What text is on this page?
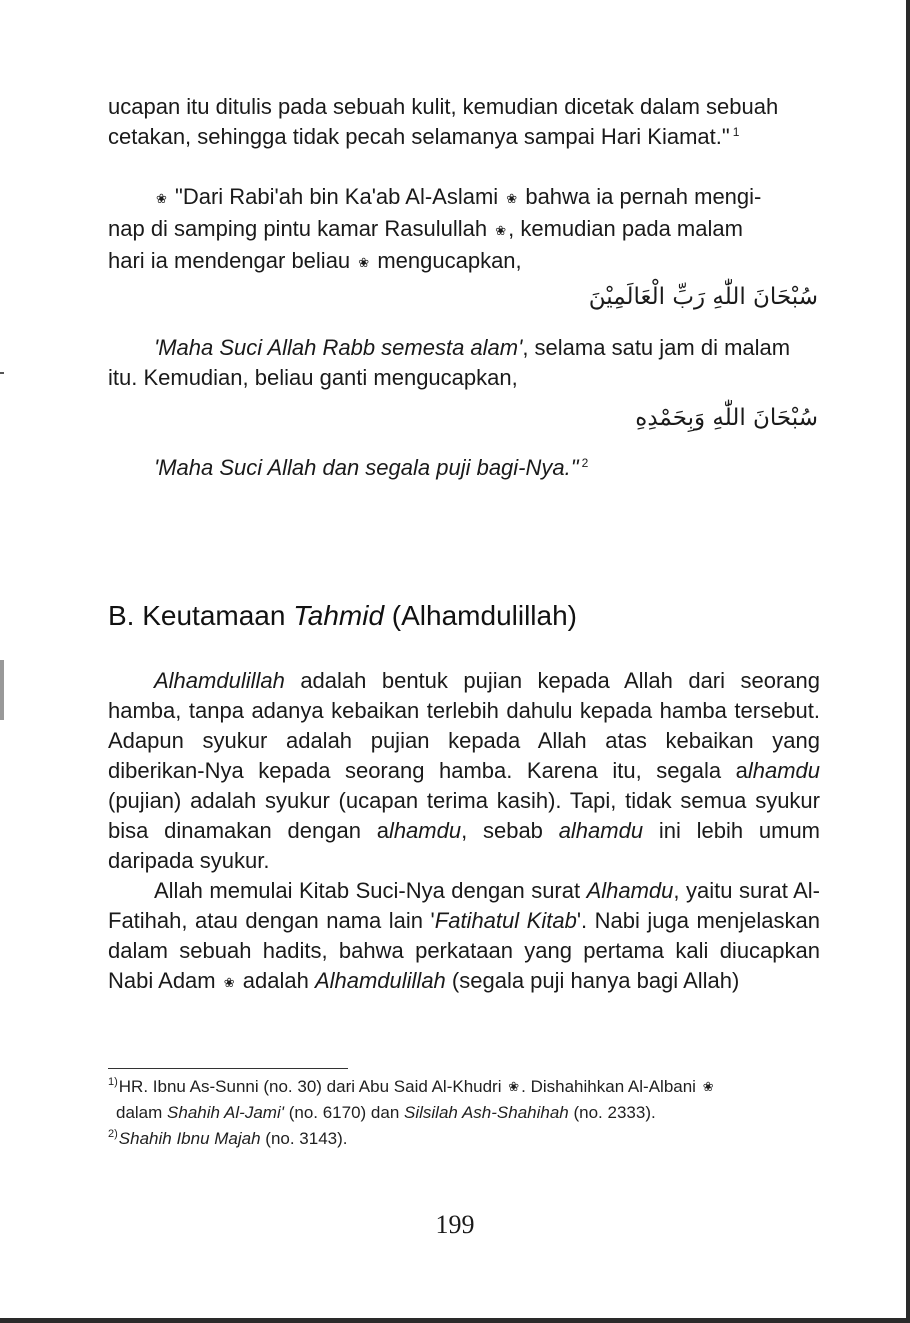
ucapan itu ditulis pada sebuah kulit, kemudian dicetak dalam sebuah
cetakan, sehingga tidak pecah selamanya sampai Hari Kiamat." $^1$
❀ "Dari Rabi'ah bin Ka'ab Al-Aslami ❀ bahwa ia pernah mengi-
nap di samping pintu kamar Rasulullah ❀, kemudian pada malam
hari ia mendengar beliau ❀ mengucapkan,
سُبْحَانَ اللّٰهِ رَبِّ الْعَالَمِيْنَ
'Maha Suci Allah Rabb semesta alam', selama satu jam di malam
itu. Kemudian, beliau ganti mengucapkan,
سُبْحَانَ اللّٰهِ وَبِحَمْدِهِ
'Maha Suci Allah dan segala puji bagi-Nya." $^2$
B. Keutamaan Tahmid (Alhamdulillah)
Alhamdulillah adalah bentuk pujian kepada Allah dari seorang hamba, tanpa adanya kebaikan terlebih dahulu kepada hamba tersebut. Adapun syukur adalah pujian kepada Allah atas kebaikan yang diberikan-Nya kepada seorang hamba. Karena itu, segala alhamdu (pujian) adalah syukur (ucapan terima kasih). Tapi, tidak semua syukur bisa dinamakan dengan alhamdu, sebab alhamdu ini lebih umum daripada syukur.
Allah memulai Kitab Suci-Nya dengan surat Alhamdu, yaitu surat Al-Fatihah, atau dengan nama lain 'Fatihatul Kitab'. Nabi juga menjelaskan dalam sebuah hadits, bahwa perkataan yang pertama kali diucapkan Nabi Adam ❀ adalah Alhamdulillah (segala puji hanya bagi Allah)
$^{1)}$HR. Ibnu As-Sunni (no. 30) dari Abu Said Al-Khudri ❀ . Dishahihkan Al-Albani ❀
dalam Shahih Al-Jami' (no. 6170) dan Silsilah Ash-Shahihah (no. 2333).
$^{2)}$Shahih Ibnu Majah (no. 3143).
199
